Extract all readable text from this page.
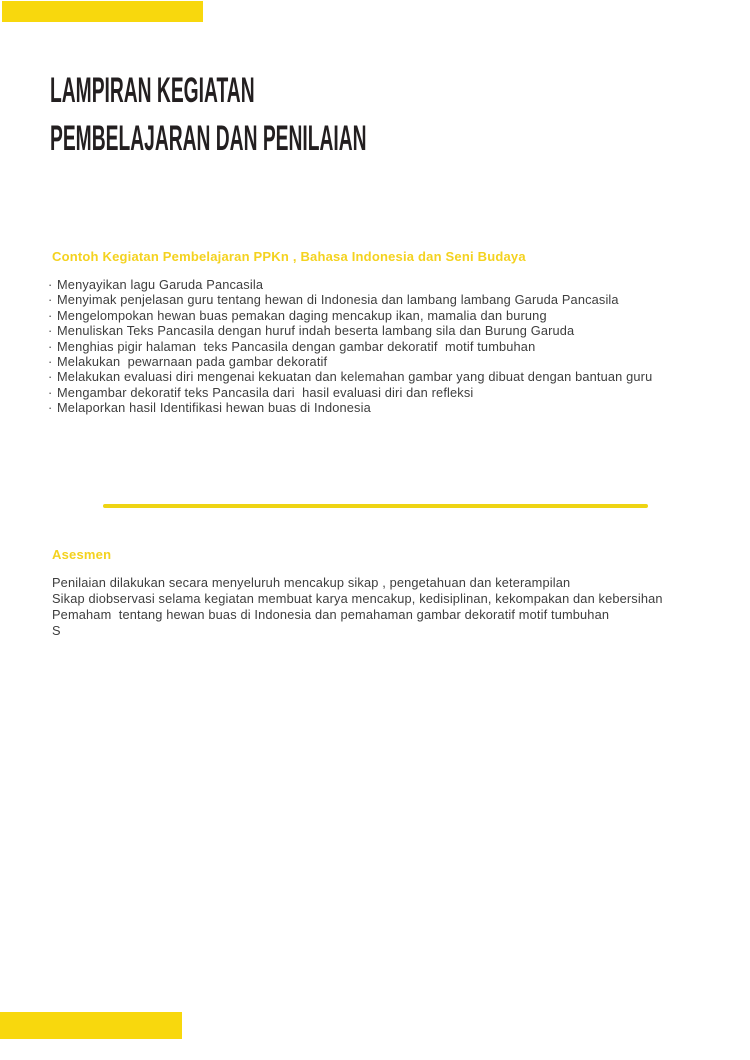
LAMPIRAN KEGIATAN
PEMBELAJARAN DAN PENILAIAN
Contoh Kegiatan Pembelajaran PPKn , Bahasa Indonesia dan Seni Budaya
· Menyayikan lagu Garuda Pancasila
· Menyimak penjelasan guru tentang hewan di Indonesia dan lambang lambang Garuda Pancasila
· Mengelompokan hewan buas pemakan daging mencakup ikan, mamalia dan burung
· Menuliskan Teks Pancasila dengan huruf indah beserta lambang sila dan Burung Garuda
· Menghias pigir halaman  teks Pancasila dengan gambar dekoratif  motif tumbuhan
· Melakukan  pewarnaan pada gambar dekoratif
· Melakukan evaluasi diri mengenai kekuatan dan kelemahan gambar yang dibuat dengan bantuan guru
· Mengambar dekoratif teks Pancasila dari  hasil evaluasi diri dan refleksi
· Melaporkan hasil Identifikasi hewan buas di Indonesia
Asesmen
Penilaian dilakukan secara menyeluruh mencakup sikap , pengetahuan dan keterampilan
Sikap diobservasi selama kegiatan membuat karya mencakup, kedisiplinan, kekompakan dan kebersihan
Pemaham  tentang hewan buas di Indonesia dan pemahaman gambar dekoratif motif tumbuhan
S
